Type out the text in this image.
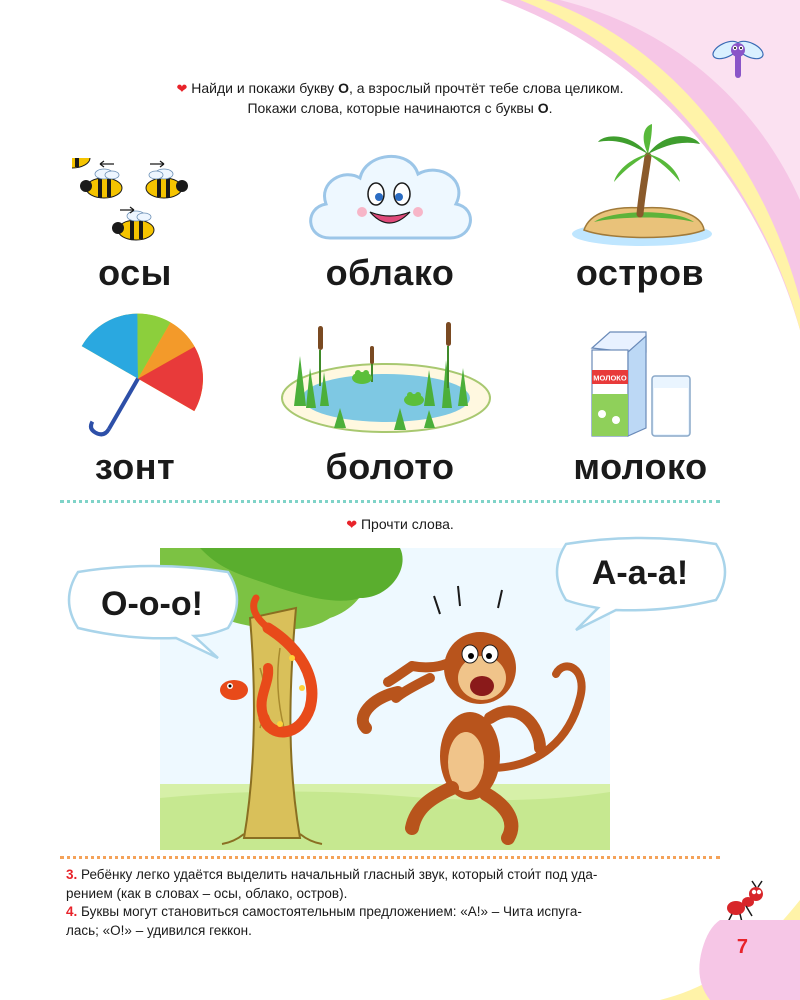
❤ Найди и покажи букву О, а взрослый прочтёт тебе слова целиком.
Покажи слова, которые начинаются с буквы О.
осы	облако	остров
МОЛОКО
зонт	болото	молоко
❤ Прочти слова.
О-о-о!
А-а-а!
3. Ребёнку легко удаётся выделить начальный гласный звук, который стои́т под уда-
рением (как в словах – осы, облако, остров).
4. Буквы могут становиться самостоятельным предложением: «А!» – Чита испуга-
лась; «О!» – удивился геккон.
7
